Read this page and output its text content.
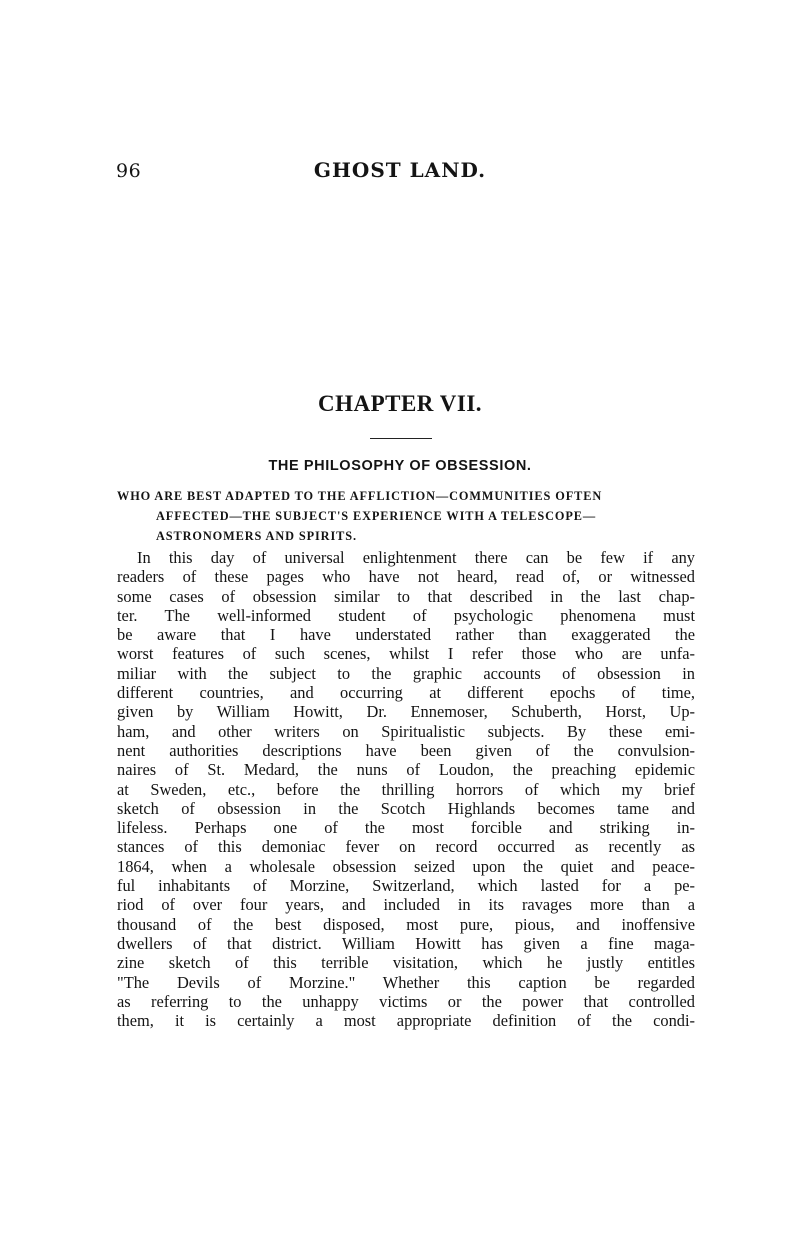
96	GHOST LAND.
CHAPTER VII.
THE PHILOSOPHY OF OBSESSION.
WHO ARE BEST ADAPTED TO THE AFFLICTION—COMMUNITIES OFTEN
AFFECTED—THE SUBJECT'S EXPERIENCE WITH A TELESCOPE—
ASTRONOMERS AND SPIRITS.
In this day of universal enlightenment there can be few if any
readers of these pages who have not heard, read of, or witnessed
some cases of obsession similar to that described in the last chap-
ter. The well-informed student of psychologic phenomena must
be aware that I have understated rather than exaggerated the
worst features of such scenes, whilst I refer those who are unfa-
miliar with the subject to the graphic accounts of obsession in
different countries, and occurring at different epochs of time,
given by William Howitt, Dr. Ennemoser, Schuberth, Horst, Up-
ham, and other writers on Spiritualistic subjects. By these emi-
nent authorities descriptions have been given of the convulsion-
naires of St. Medard, the nuns of Loudon, the preaching epidemic
at Sweden, etc., before the thrilling horrors of which my brief
sketch of obsession in the Scotch Highlands becomes tame and
lifeless. Perhaps one of the most forcible and striking in-
stances of this demoniac fever on record occurred as recently as
1864, when a wholesale obsession seized upon the quiet and peace-
ful inhabitants of Morzine, Switzerland, which lasted for a pe-
riod of over four years, and included in its ravages more than a
thousand of the best disposed, most pure, pious, and inoffensive
dwellers of that district. William Howitt has given a fine maga-
zine sketch of this terrible visitation, which he justly entitles
"The Devils of Morzine." Whether this caption be regarded
as referring to the unhappy victims or the power that controlled
them, it is certainly a most appropriate definition of the condi-
